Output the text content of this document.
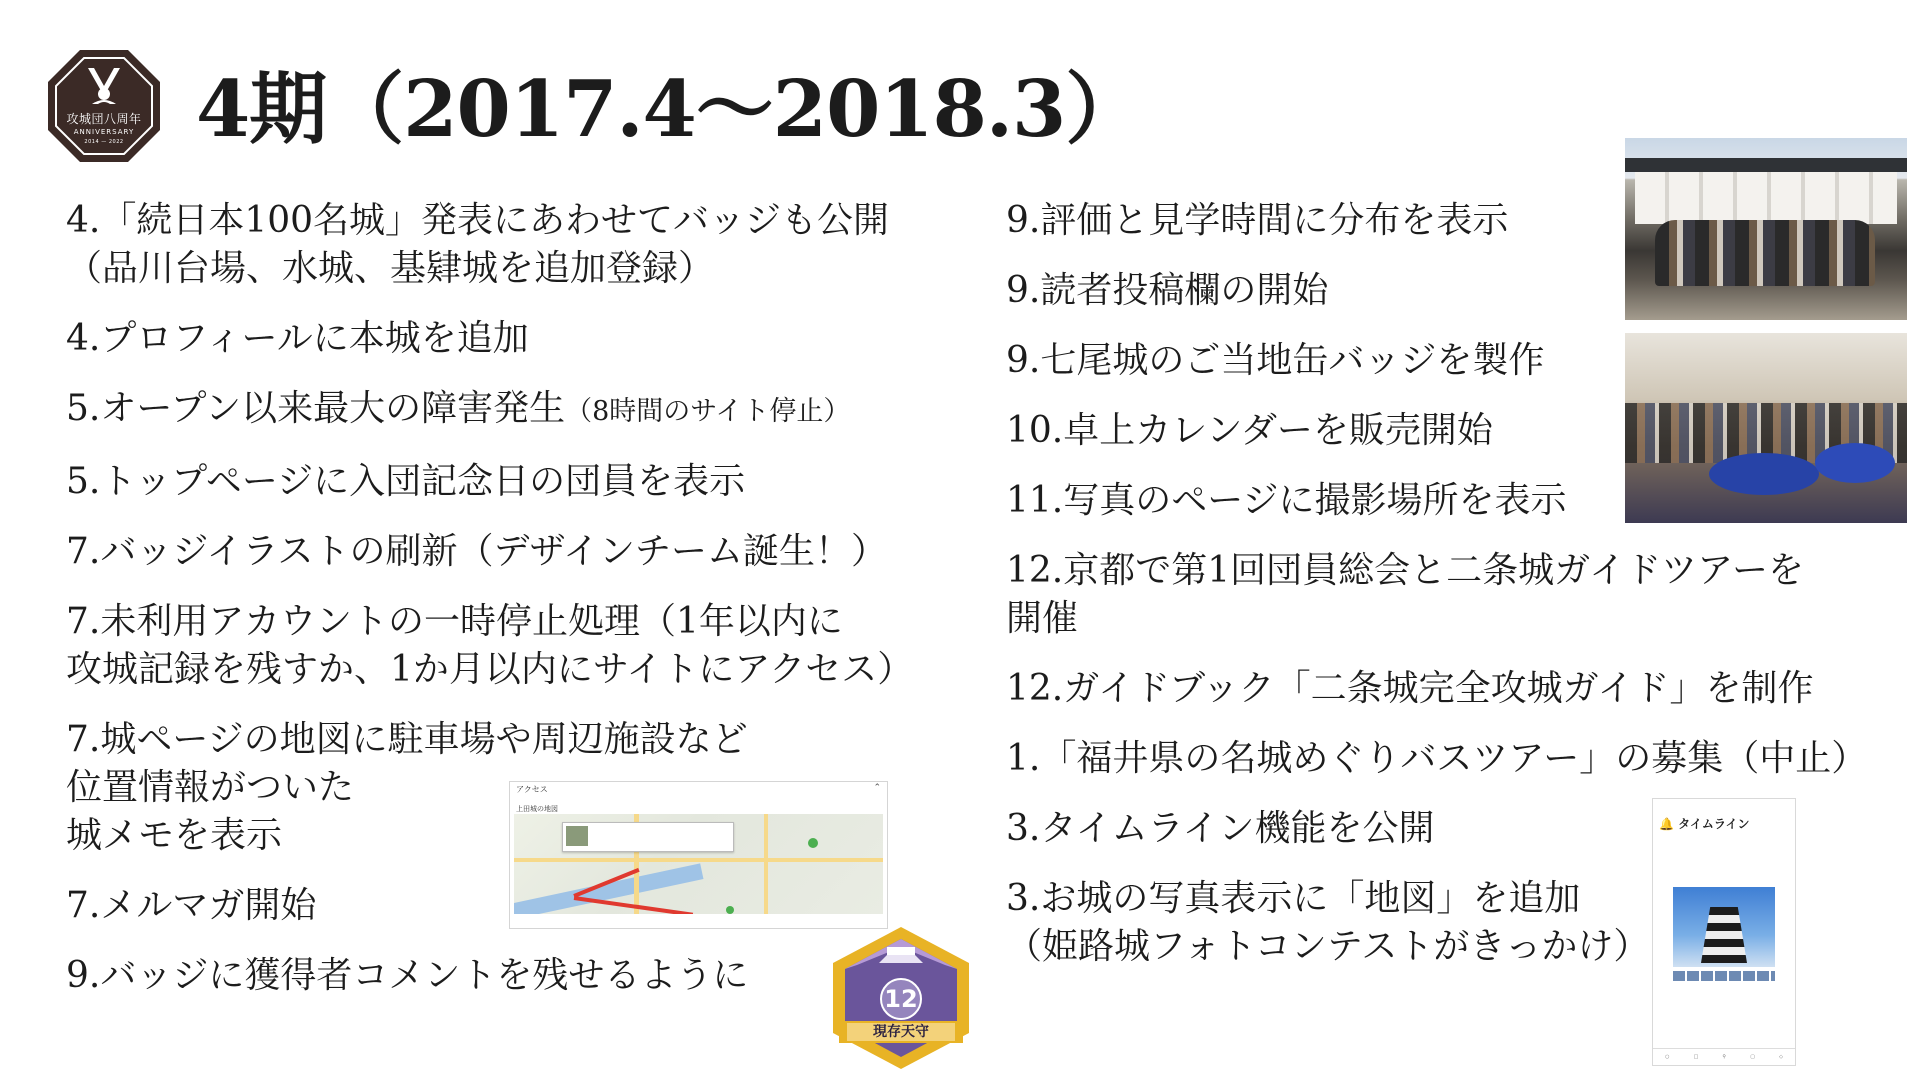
攻城団八周年
ANNIVERSARY
2014 — 2022 4期（2017.4～2018.3）
4.「続日本100名城」発表にあわせてバッジも公開
（品川台場、水城、基肄城を追加登録）
4.プロフィールに本城を追加
5.オープン以来最大の障害発生（8時間のサイト停止）
5.トップページに入団記念日の団員を表示
7.バッジイラストの刷新（デザインチーム誕生！）
7.未利用アカウントの一時停止処理（1年以内に
攻城記録を残すか、1か月以内にサイトにアクセス）
7.城ページの地図に駐車場や周辺施設など
位置情報がついた
城メモを表示
7.メルマガ開始
9.バッジに獲得者コメントを残せるように
9.評価と見学時間に分布を表示
9.読者投稿欄の開始
9.七尾城のご当地缶バッジを製作
10.卓上カレンダーを販売開始
11.写真のページに撮影場所を表示
12.京都で第1回団員総会と二条城ガイドツアーを
開催
12.ガイドブック「二条城完全攻城ガイド」を制作
1.「福井県の名城めぐりバスツアー」の募集（中止）
3.タイムライン機能を公開
3.お城の写真表示に「地図」を追加
（姫路城フォトコンテストがきっかけ）
アクセス	⌃
上田城の地図
12
現存天守
🔔 タイムライン
○	□	⚲	▢	◇
